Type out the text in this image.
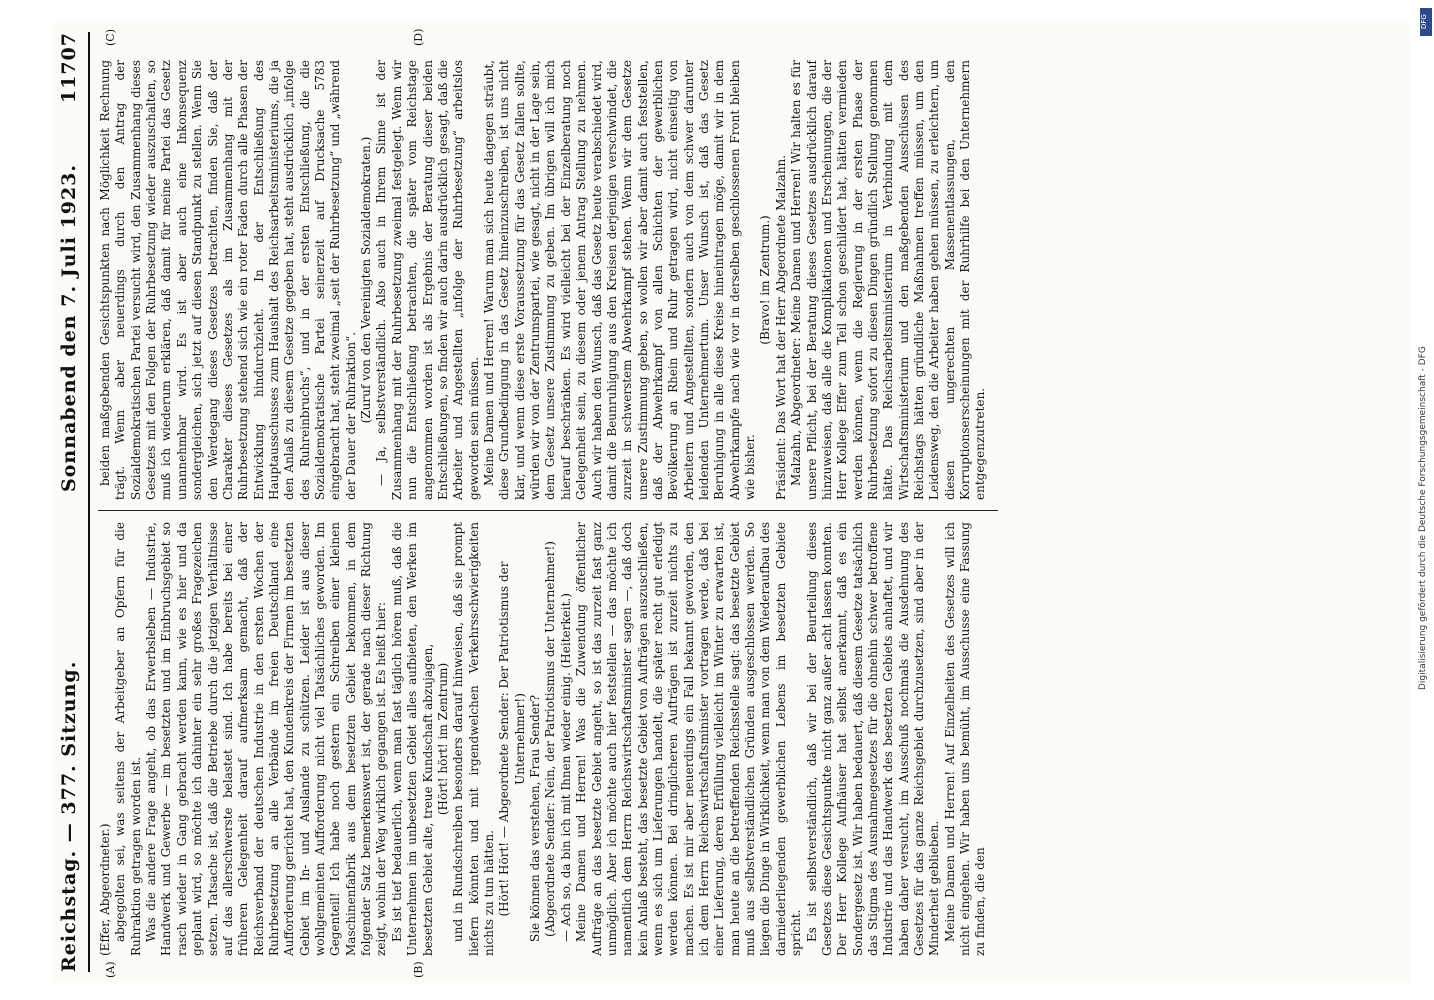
Reichstag. — 377. Sitzung.
Sonnabend den 7. Juli 1923.
11707
(A)	(B)
(C)	(D)

(Effer, Abgeordneter.) abgegolten sei, was seitens der Arbeitgeber an Opfern für die Ruhraktion getragen worden ist. Was die andere Frage angeht, ob das Erwerbsleben — Industrie, Handwerk und Gewerbe — im besetzten und im Einbruchsgebiet so rasch wieder in Gang gebracht werden kann, wie es hier und da geplant wird, so möchte ich dahinter ein sehr großes Fragezeichen setzen. Tatsache ist, daß die Betriebe durch die jetzigen Verhältnisse auf das allerschwerste belastet sind. Ich habe bereits bei einer früheren Gelegenheit darauf aufmerksam gemacht, daß der Reichsverband der deutschen Industrie in den ersten Wochen der Ruhrbesetzung an alle Verbände im freien Deutschland eine Aufforderung gerichtet hat, den Kundenkreis der Firmen im besetzten Gebiet im In- und Auslande zu schützen. Leider ist aus dieser wohlgemeinten Aufforderung nicht viel Tatsächliches geworden. Im Gegenteil! Ich habe noch gestern ein Schreiben einer kleinen Maschinenfabrik aus dem besetzten Gebiet bekommen, in dem folgender Satz bemerkenswert ist, der gerade nach dieser Richtung zeigt, wohin der Weg wirklich gegangen ist. Es heißt hier: Es ist tief bedauerlich, wenn man fast täglich hören muß, daß die Unternehmen im unbesetzten Gebiet alles aufbieten, den Werken im besetzten Gebiet alte, treue Kundschaft abzujagen, (Hört! hört! im Zentrum) und in Rundschreiben besonders darauf hinweisen, daß sie prompt liefern könnten und mit irgendwelchen Verkehrsschwierigkeiten nichts zu tun hätten. (Hört! Hört! — Abgeordnete Sender: Der Patriotismus der Unternehmer!) Sie können das verstehen, Frau Sender? (Abgeordnete Sender: Nein, der Patriotismus der Unternehmer!) — Ach so, da bin ich mit Ihnen wieder einig. (Heiterkeit.) Meine Damen und Herren! Was die Zuwendung öffentlicher Aufträge an das besetzte Gebiet angeht, so ist das zurzeit fast ganz unmöglich. Aber ich möchte auch hier feststellen — das möchte ich namentlich dem Herrn Reichswirtschaftsminister sagen —, daß doch kein Anlaß besteht, das besetzte Gebiet von Aufträgen auszuschließen, wenn es sich um Lieferungen handelt, die später recht gut erledigt werden können. Bei dringlicheren Aufträgen ist zurzeit nichts zu machen. Es ist mir aber neuerdings ein Fall bekannt geworden, den ich dem Herrn Reichswirtschaftsminister vortragen werde, daß bei einer Lieferung, deren Erfüllung vielleicht im Winter zu erwarten ist, man heute an die betreffenden Reichsstelle sagt: das besetzte Gebiet muß aus selbstverständlichen Gründen ausgeschlossen werden. So liegen die Dinge in Wirklichkeit, wenn man von dem Wiederaufbau des darniederliegenden gewerblichen Lebens im besetzten Gebiete spricht. Es ist selbstverständlich, daß wir bei der Beurteilung dieses Gesetzes diese Gesichtspunkte nicht ganz außer acht lassen konnten. Der Herr Kollege Aufhäuser hat selbst anerkannt, daß es ein Sondergesetz ist. Wir haben bedauert, daß diesem Gesetze tatsächlich das Stigma des Ausnahmegesetzes für die ohnehin schwer betroffene Industrie und das Handwerk des besetzten Gebiets anhaftet, und wir haben daher versucht, im Ausschuß nochmals die Ausdehnung des Gesetzes für das ganze Reichsgebiet durchzusetzen, sind aber in der Minderheit geblieben. Meine Damen und Herren! Auf Einzelheiten des Gesetzes will ich nicht eingehen. Wir haben uns bemüht, im Ausschusse eine Fassung zu finden, die den

beiden maßgebenden Gesichtspunkten nach Möglichkeit Rechnung trägt. Wenn aber neuerdings durch den Antrag der Sozialdemokratischen Partei versucht wird, den Zusammenhang dieses Gesetzes mit den Folgen der Ruhrbesetzung wieder auszuschalten, so muß ich wiederum erklären, daß damit für meine Partei das Gesetz unannehmbar wird. Es ist aber auch eine Inkonsequenz sondergleichen, sich jetzt auf diesen Standpunkt zu stellen. Wenn Sie den Werdegang dieses Gesetzes betrachten, finden Sie, daß der Charakter dieses Gesetzes als im Zusammenhang mit der Ruhrbesetzung stehend sich wie ein roter Faden durch alle Phasen der Entwicklung hindurchzieht. In der Entschließung des Hauptausschusses zum Haushalt des Reichsarbeitsministeriums, die ja den Anlaß zu diesem Gesetze gegeben hat, steht ausdrücklich „infolge des Ruhreinbruchs“, und in der ersten Entschließung, die die Sozialdemokratische Partei seinerzeit auf Drucksache 5783 eingebracht hat, steht zweimal „seit der Ruhrbesetzung“ und „während der Dauer der Ruhraktion“. (Zuruf von den Vereinigten Sozialdemokraten.) — Ja, selbstverständlich. Also auch in Ihrem Sinne ist der Zusammenhang mit der Ruhrbesetzung zweimal festgelegt. Wenn wir nun die Entschließung betrachten, die später vom Reichstage angenommen worden ist als Ergebnis der Beratung dieser beiden Entschließungen, so finden wir auch darin ausdrücklich gesagt, daß die Arbeiter und Angestellten „infolge der Ruhrbesetzung“ arbeitslos geworden sein müssen. Meine Damen und Herren! Warum man sich heute dagegen sträubt, diese Grundbedingung in das Gesetz hineinzuschreiben, ist uns nicht klar, und wenn diese erste Voraussetzung für das Gesetz fallen sollte, würden wir von der Zentrumspartei, wie gesagt, nicht in der Lage sein, dem Gesetz unsere Zustimmung zu geben. Im übrigen will ich mich hierauf beschränken. Es wird vielleicht bei der Einzelberatung noch Gelegenheit sein, zu diesem oder jenem Antrag Stellung zu nehmen. Auch wir haben den Wunsch, daß das Gesetz heute verabschiedet wird, damit die Beunruhigung aus den Kreisen derjenigen verschwindet, die zurzeit in schwerstem Abwehrkampf stehen. Wenn wir dem Gesetze unsere Zustimmung geben, so wollen wir aber damit auch feststellen, daß der Abwehrkampf von allen Schichten der gewerblichen Bevölkerung an Rhein und Ruhr getragen wird, nicht einseitig von Arbeitern und Angestellten, sondern auch von dem schwer darunter leidenden Unternehmertum. Unser Wunsch ist, daß das Gesetz Beruhigung in alle diese Kreise hineintragen möge, damit wir in dem Abwehrkampfe nach wie vor in derselben geschlossenen Front bleiben wie bisher.

(Bravo! im Zentrum.) Präsident: Das Wort hat der Herr Abgeordnete Malzahn. Malzahn, Abgeordneter: Meine Damen und Herren! Wir halten es für unsere Pflicht, bei der Beratung dieses Gesetzes ausdrücklich darauf hinzuweisen, daß alle die Komplikationen und Erscheinungen, die der Herr Kollege Effer zum Teil schon geschildert hat, hätten vermieden werden können, wenn die Regierung in der ersten Phase der Ruhrbesetzung sofort zu diesen Dingen gründlich Stellung genommen hätte. Das Reichsarbeitsministerium in Verbindung mit dem Wirtschaftsministerium und den maßgebenden Ausschüssen des Reichstags hätten gründliche Maßnahmen treffen müssen, um den Leidensweg, den die Arbeiter haben gehen müssen, zu erleichtern, um diesen ungerechten Massenentlassungen, den Korruptionserscheinungen mit der Ruhrhilfe bei den Unternehmern entgegenzutreten.

DFG
Digitalisierung gefördert durch die Deutsche Forschungsgemeinschaft - DFG
